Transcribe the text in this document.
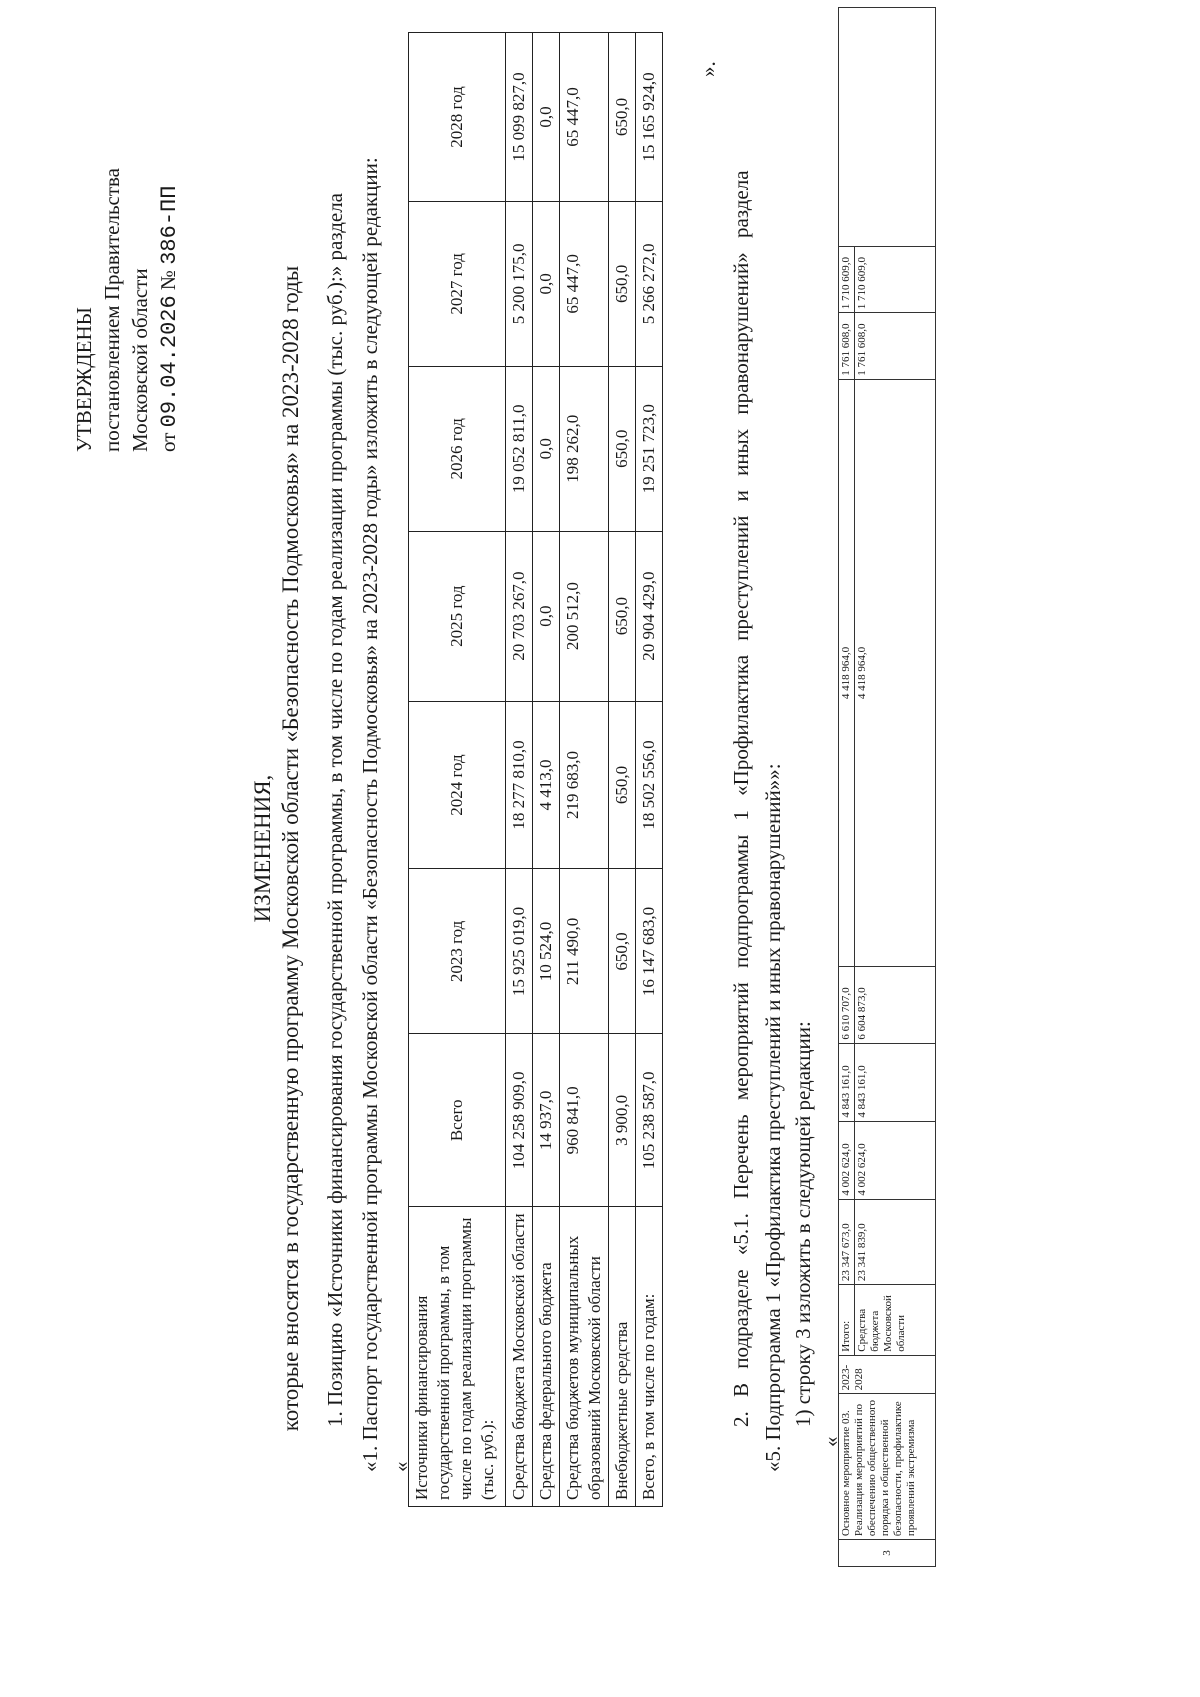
УТВЕРЖДЕНЫ постановлением Правительства Московской области от 09.04.2026 № 386-ПП
ИЗМЕНЕНИЯ, которые вносятся в государственную программу Московской области «Безопасность Подмосковья» на 2023-2028 годы 1. Позицию «Источники финансирования государственной программы, в том числе по годам реализации программы (тыс. руб.):» раздела «1. Паспорт государственной программы Московской области «Безопасность Подмосковья» на 2023-2028 годы» изложить в следующей редакции: « Источники финансирования государственной программы, в том числе по годам реализации программы (тыс. руб.):	Всего	2023 год	2024 год	2025 год	2026 год	2027 год	2028 год
Средства бюджета Московской области	104 258 909,0	15 925 019,0	18 277 810,0	20 703 267,0	19 052 811,0	5 200 175,0	15 099 827,0
Средства федерального бюджета	14 937,0	10 524,0	4 413,0	0,0	0,0	0,0	0,0
Средства бюджетов муниципальных образований Московской области	960 841,0	211 490,0	219 683,0	200 512,0	198 262,0	65 447,0	65 447,0
Внебюджетные средства	3 900,0	650,0	650,0	650,0	650,0	650,0	650,0
Всего, в том числе по годам:	105 238 587,0	16 147 683,0	18 502 556,0	20 904 429,0	19 251 723,0	5 266 272,0	15 165 924,0
».
2. В подразделе «5.1. Перечень мероприятий подпрограммы 1 «Профилактика преступлений и иных правонарушений» раздела «5. Подпрограмма 1 «Профилактика преступлений и иных правонарушений»»: 1) строку 3 изложить в следующей редакции:
«
3	Основное мероприятие 03. Реализация мероприятий по обеспечению общественного порядка и общественной безопасности, профилактике проявлений экстремизма	2023-2028	Итого:	23 347 673,0	4 002 624,0	4 843 161,0	6 610 707,0	4 418 964,0	1 761 608,0	1 710 609,0	
			Средства бюджета Московской области	23 341 839,0	4 002 624,0	4 843 161,0	6 604 873,0	4 418 964,0	1 761 608,0	1 710 609,0	
